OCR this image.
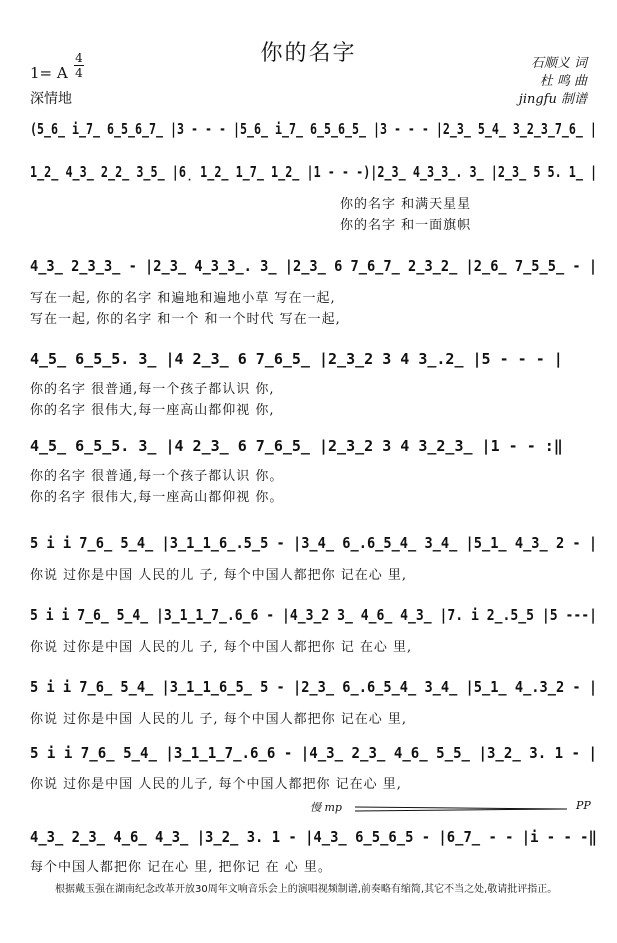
你的名字
1= A
4
4
深情地
石顺义 词
杜 鸣 曲
jingfu 制谱
(5̲6̲ i̲7̲ 6̲5̲6̲7̲ |3 - - - |5̲6̲ i̲7̲ 6̲5̲6̲5̲ |3 - - - |2̲3̲ 5̲4̲ 3̲2̲3̲7̲6̲ |
1̲2̲ 4̲3̲ 2̲2̲ 3̲5̲ |6̣ 1̲2̲ 1̲7̲ 1̲2̲ |1 - - -)|2̲3̲ 4̲3̲3̲. 3̲ |2̲3̲ 5 5. 1̲ |
你的名字 和满天星星
你的名字 和一面旗帜
4̲3̲ 2̲3̲3̲ - |2̲3̲ 4̲3̲3̲. 3̲ |2̲3̲ 6 7̲6̲7̲ 2̲3̲2̲ |2̲6̲ 7̲5̲5̲ - |
写在一起, 你的名字 和遍地和遍地小草 写在一起,
写在一起, 你的名字 和一个 和一个时代 写在一起,
4̲5̲ 6̲5̲5. 3̲ |4 2̲3̲ 6 7̲6̲5̲ |2̲3̲2 3 4 3̲.2̲ |5 - - - |
你的名字 很普通,每一个孩子都认识 你,
你的名字 很伟大,每一座高山都仰视 你,
4̲5̲ 6̲5̲5. 3̲ |4 2̲3̲ 6 7̲6̲5̲ |2̲3̲2 3 4 3̲2̲3̲ |1 - - :‖
你的名字 很普通,每一个孩子都认识 你。
你的名字 很伟大,每一座高山都仰视 你。
5 i i 7̲6̲ 5̲4̲ |3̲1̲1̲6̲.5̲5 - |3̲4̲ 6̲.6̲5̲4̲ 3̲4̲ |5̲1̲ 4̲3̲ 2 - |
你说 过你是中国 人民的儿 子, 每个中国人都把你 记在心 里,
5 i i 7̲6̲ 5̲4̲ |3̲1̲1̲7̲.6̲6 - |4̲3̲2 3̲ 4̲6̲ 4̲3̲ |7. i 2̲.5̲5 |5 ---|
你说 过你是中国 人民的儿 子, 每个中国人都把你 记 在心 里,
5 i i 7̲6̲ 5̲4̲ |3̲1̲1̲6̲5̲ 5 - |2̲3̲ 6̲.6̲5̲4̲ 3̲4̲ |5̲1̲ 4̲.3̲2 - |
你说 过你是中国 人民的儿 子, 每个中国人都把你 记在心 里,
5 i i 7̲6̲ 5̲4̲ |3̲1̲1̲7̲.6̲6 - |4̲3̲ 2̲3̲ 4̲6̲ 5̲5̲ |3̲2̲ 3. 1 - |
你说 过你是中国 人民的儿子, 每个中国人都把你 记在心 里,
慢 mp	PP
4̲3̲ 2̲3̲ 4̲6̲ 4̲3̲ |3̲2̲ 3. 1 - |4̲3̲ 6̲5̲6̲5 - |6̲7̲ - - |i - - -‖
每个中国人都把你 记在心 里, 把你记 在 心 里。
根据戴玉强在湖南纪念改革开放30周年文响音乐会上的演唱视频制谱,前奏略有缩简,其它不当之处,敬请批评指正。
